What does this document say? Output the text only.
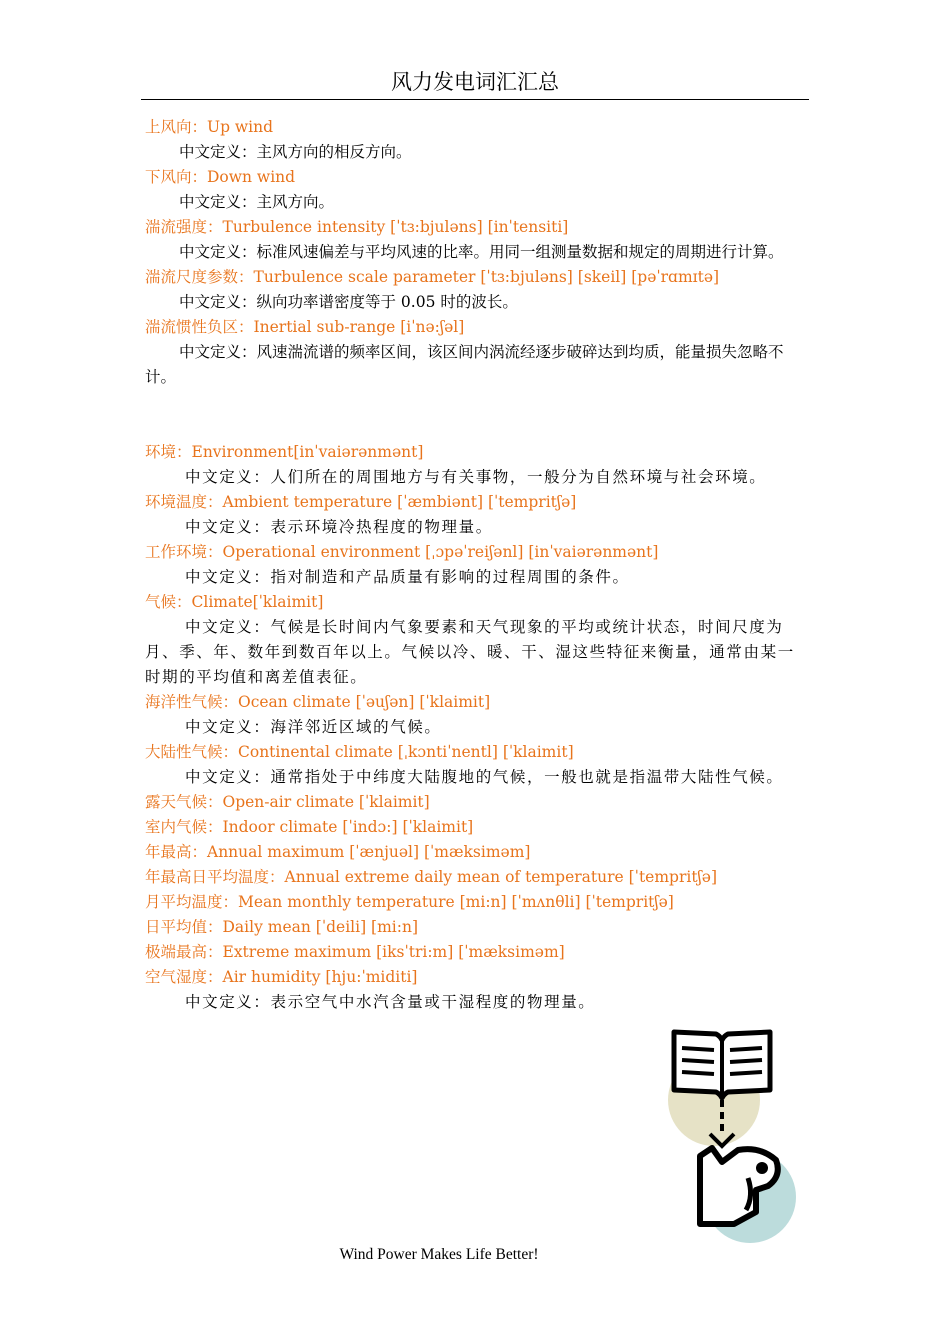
风力发电词汇汇总
上风向：Up wind

中文定义：主风方向的相反方向。

下风向：Down wind

中文定义：主风方向。

湍流强度：Turbulence intensity [ˈtɜ:bjuləns] [inˈtensiti]

中文定义：标准风速偏差与平均风速的比率。用同一组测量数据和规定的周期进行计算。

湍流尺度参数：Turbulence scale parameter [ˈtɜ:bjuləns] [skeil] [pəˈrɑmɪtə]

中文定义：纵向功率谱密度等于 0.05 时的波长。

湍流惯性负区：Inertial sub-range [iˈnə:ʃəl]

中文定义：风速湍流谱的频率区间，该区间内涡流经逐步破碎达到均质，能量损失忽略不计。

环境：Environment[inˈvaiərənmənt]

中文定义：人们所在的周围地方与有关事物，一般分为自然环境与社会环境。

环境温度：Ambient temperature [ˈæmbiənt] [ˈtempritʃə]

中文定义：表示环境冷热程度的物理量。

工作环境：Operational environment [ˌɔpəˈreiʃənl] [inˈvaiərənmənt]

中文定义：指对制造和产品质量有影响的过程周围的条件。

气候：Climate[ˈklaimit]

中文定义：气候是长时间内气象要素和天气现象的平均或统计状态，时间尺度为月、季、年、数年到数百年以上。气候以冷、暖、干、湿这些特征来衡量，通常由某一时期的平均值和离差值表征。

海洋性气候：Ocean climate [ˈəuʃən] [ˈklaimit]

中文定义：海洋邻近区域的气候。

大陆性气候：Continental climate [ˌkɔntiˈnentl] [ˈklaimit]

中文定义：通常指处于中纬度大陆腹地的气候，一般也就是指温带大陆性气候。

露天气候：Open-air climate [ˈklaimit]
室内气候：Indoor climate [ˈindɔ:] [ˈklaimit]
年最高：Annual maximum [ˈænjuəl] [ˈmæksiməm]
年最高日平均温度：Annual extreme daily mean of temperature [ˈtempritʃə]
月平均温度：Mean monthly temperature [mi:n] [ˈmʌnθli] [ˈtempritʃə]
日平均值：Daily mean [ˈdeili] [mi:n]
极端最高：Extreme maximum [iksˈtri:m] [ˈmæksiməm]
空气湿度：Air humidity [hju:ˈmiditi]

中文定义：表示空气中水汽含量或干湿程度的物理量。

Wind Power Makes Life Better!
